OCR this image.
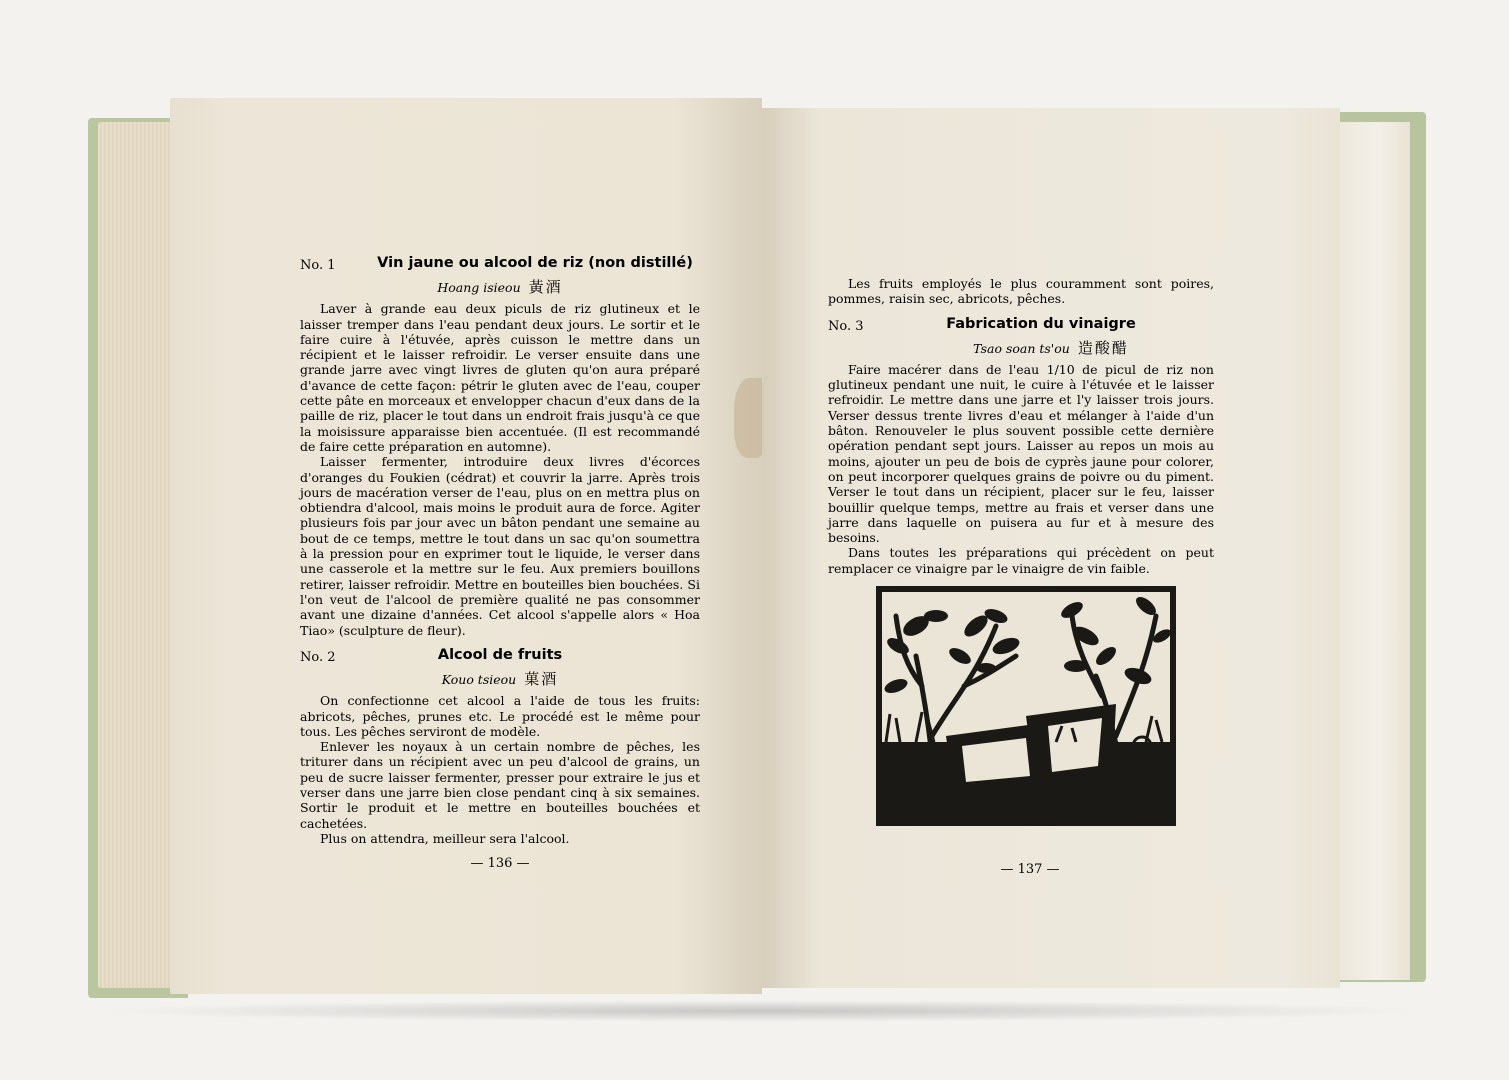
No. 1	Vin jaune ou alcool de riz (non distillé)
Hoang isieou 黃酒

Laver à grande eau deux piculs de riz glutineux et le laisser tremper dans l'eau pendant deux jours. Le sortir et le faire cuire à l'étuvée, après cuisson le mettre dans un récipient et le laisser refroidir. Le verser ensuite dans une grande jarre avec vingt livres de gluten qu'on aura préparé d'avance de cette façon: pétrir le gluten avec de l'eau, couper cette pâte en morceaux et envelopper chacun d'eux dans de la paille de riz, placer le tout dans un endroit frais jusqu'à ce que la moisissure apparaisse bien accentuée. (Il est recommandé de faire cette préparation en automne).

Laisser fermenter, introduire deux livres d'écorces d'oranges du Foukien (cédrat) et couvrir la jarre. Après trois jours de macération verser de l'eau, plus on en mettra plus on obtiendra d'alcool, mais moins le produit aura de force. Agiter plusieurs fois par jour avec un bâton pendant une semaine au bout de ce temps, mettre le tout dans un sac qu'on soumettra à la pression pour en exprimer tout le liquide, le verser dans une casserole et la mettre sur le feu. Aux premiers bouillons retirer, laisser refroidir. Mettre en bouteilles bien bouchées. Si l'on veut de l'alcool de première qualité ne pas consommer avant une dizaine d'années. Cet alcool s'appelle alors « Hoa Tiao» (sculpture de fleur).

No. 2	Alcool de fruits
Kouo tsieou 菓酒

On confectionne cet alcool a l'aide de tous les fruits: abricots, pêches, prunes etc. Le procédé est le même pour tous. Les pêches serviront de modèle.

Enlever les noyaux à un certain nombre de pêches, les triturer dans un récipient avec un peu d'alcool de grains, un peu de sucre laisser fermenter, presser pour extraire le jus et verser dans une jarre bien close pendant cinq à six semaines. Sortir le produit et le mettre en bouteilles bouchées et cachetées.

Plus on attendra, meilleur sera l'alcool.

— 136 —

Les fruits employés le plus couramment sont poires, pommes, raisin sec, abricots, pêches.

No. 3	Fabrication du vinaigre
Tsao soan ts'ou 造酸醋

Faire macérer dans de l'eau 1/10 de picul de riz non glutineux pendant une nuit, le cuire à l'étuvée et le laisser refroidir. Le mettre dans une jarre et l'y laisser trois jours. Verser dessus trente livres d'eau et mélanger à l'aide d'un bâton. Renouveler le plus souvent possible cette dernière opération pendant sept jours. Laisser au repos un mois au moins, ajouter un peu de bois de cyprès jaune pour colorer, on peut incorporer quelques grains de poivre ou du piment. Verser le tout dans un récipient, placer sur le feu, laisser bouillir quelque temps, mettre au frais et verser dans une jarre dans laquelle on puisera au fur et à mesure des besoins.

Dans toutes les préparations qui précèdent on peut remplacer ce vinaigre par le vinaigre de vin faible.

— 137 —
